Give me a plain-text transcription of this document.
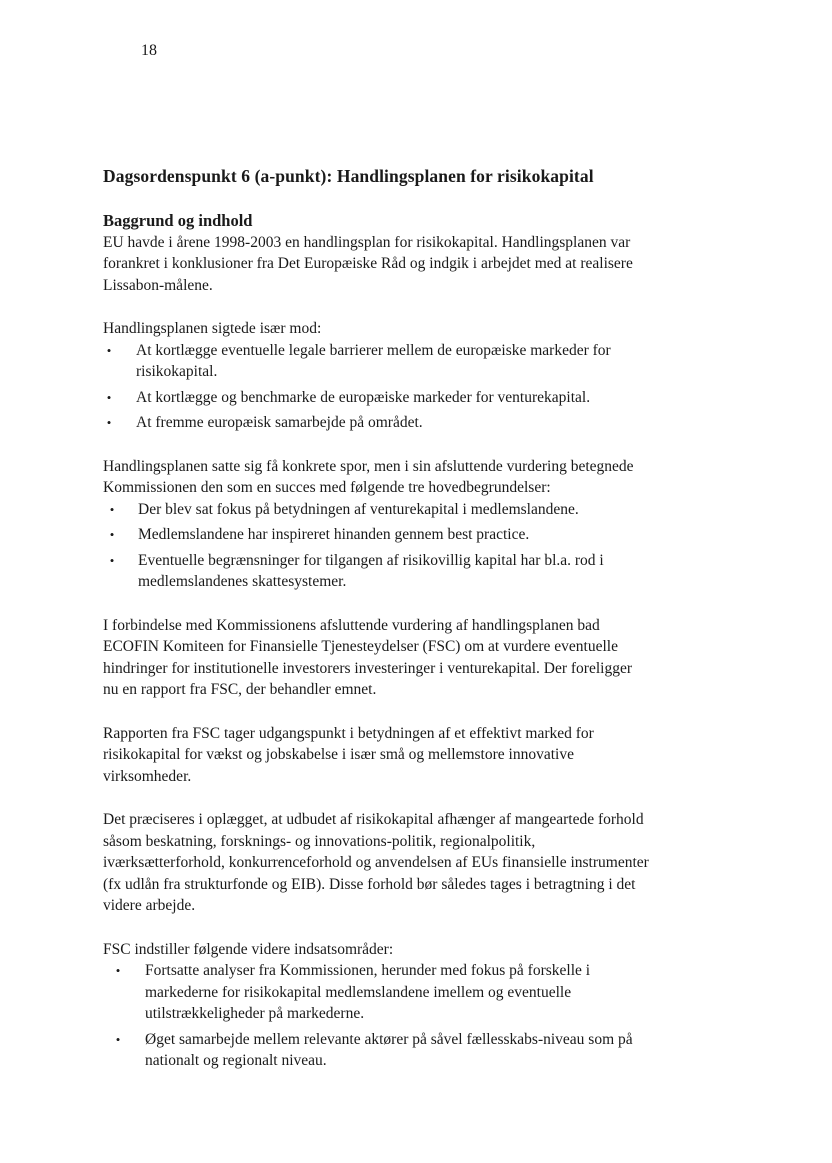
18
Dagsordenspunkt 6 (a-punkt): Handlingsplanen for risikokapital
Baggrund og indhold

EU havde i årene 1998-2003 en handlingsplan for risikokapital. Handlingsplanen var forankret i konklusioner fra Det Europæiske Råd og indgik i arbejdet med at realisere Lissabon-målene.

Handlingsplanen sigtede især mod:

• At kortlægge eventuelle legale barrierer mellem de europæiske markeder for risikokapital.
• At kortlægge og benchmarke de europæiske markeder for venturekapital.
• At fremme europæisk samarbejde på området.

Handlingsplanen satte sig få konkrete spor, men i sin afsluttende vurdering betegnede Kommissionen den som en succes med følgende tre hovedbegrundelser:

• Der blev sat fokus på betydningen af venturekapital i medlemslandene.
• Medlemslandene har inspireret hinanden gennem best practice.
• Eventuelle begrænsninger for tilgangen af risikovillig kapital har bl.a. rod i medlemslandenes skattesystemer.

I forbindelse med Kommissionens afsluttende vurdering af handlingsplanen bad ECOFIN Komiteen for Finansielle Tjenesteydelser (FSC) om at vurdere eventuelle hindringer for institutionelle investorers investeringer i venturekapital. Der foreligger nu en rapport fra FSC, der behandler emnet.

Rapporten fra FSC tager udgangspunkt i betydningen af et effektivt marked for risikokapital for vækst og jobskabelse i især små og mellemstore innovative virksomheder.

Det præciseres i oplægget, at udbudet af risikokapital afhænger af mangeartede forhold såsom beskatning, forsknings- og innovations-politik, regionalpolitik, iværksætterforhold, konkurrenceforhold og anvendelsen af EUs finansielle instrumenter (fx udlån fra strukturfonde og EIB). Disse forhold bør således tages i betragtning i det videre arbejde.

FSC indstiller følgende videre indsatsområder:

• Fortsatte analyser fra Kommissionen, herunder med fokus på forskelle i markederne for risikokapital medlemslandene imellem og eventuelle utilstrækkeligheder på markederne.
• Øget samarbejde mellem relevante aktører på såvel fællesskabs-niveau som på nationalt og regionalt niveau.
